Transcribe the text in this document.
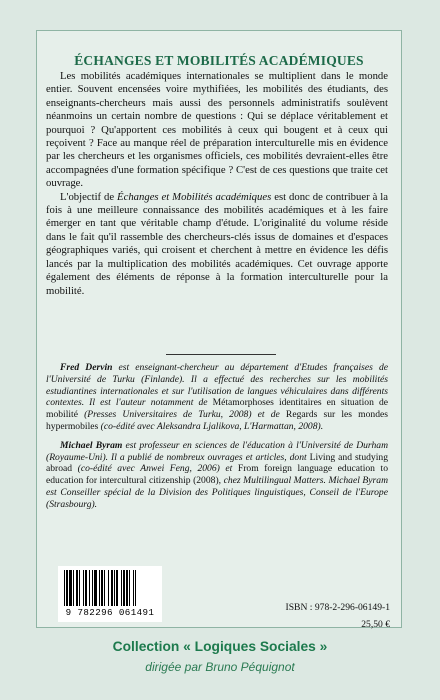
ÉCHANGES ET MOBILITÉS ACADÉMIQUES

Les mobilités académiques internationales se multiplient dans le monde entier. Souvent encensées voire mythifiées, les mobilités des étudiants, des enseignants-chercheurs mais aussi des personnels administratifs soulèvent néanmoins un certain nombre de questions : Qui se déplace véritablement et pourquoi ? Qu'apportent ces mobilités à ceux qui bougent et à ceux qui reçoivent ? Face au manque réel de préparation interculturelle mis en évidence par les chercheurs et les organismes officiels, ces mobilités devraient-elles être accompagnées d'une formation spécifique ? C'est de ces questions que traite cet ouvrage.

L'objectif de Échanges et Mobilités académiques est donc de contribuer à la fois à une meilleure connaissance des mobilités académiques et à les faire émerger en tant que véritable champ d'étude. L'originalité du volume réside dans le fait qu'il rassemble des chercheurs-clés issus de domaines et d'espaces géographiques variés, qui croisent et cherchent à mettre en évidence les défis lancés par la multiplication des mobilités académiques. Cet ouvrage apporte également des éléments de réponse à la formation interculturelle pour la mobilité.

Fred Dervin est enseignant-chercheur au département d'Etudes françaises de l'Université de Turku (Finlande). Il a effectué des recherches sur les mobilités estudiantines internationales et sur l'utilisation de langues véhiculaires dans différents contextes. Il est l'auteur notamment de Métamorphoses identitaires en situation de mobilité (Presses Universitaires de Turku, 2008) et de Regards sur les mondes hypermobiles (co-édité avec Aleksandra Ljalikova, L'Harmattan, 2008).

Michael Byram est professeur en sciences de l'éducation à l'Université de Durham (Royaume-Uni). Il a publié de nombreux ouvrages et articles, dont Living and studying abroad (co-édité avec Anwei Feng, 2006) et From foreign language education to education for intercultural citizenship (2008), chez Multilingual Matters. Michael Byram est Conseiller spécial de la Division des Politiques linguistiques, Conseil de l'Europe (Strasbourg).

9 782296 061491	ISBN : 978-2-296-06149-1
25,50 €
Collection « Logiques Sociales »
dirigée par Bruno Péquignot
